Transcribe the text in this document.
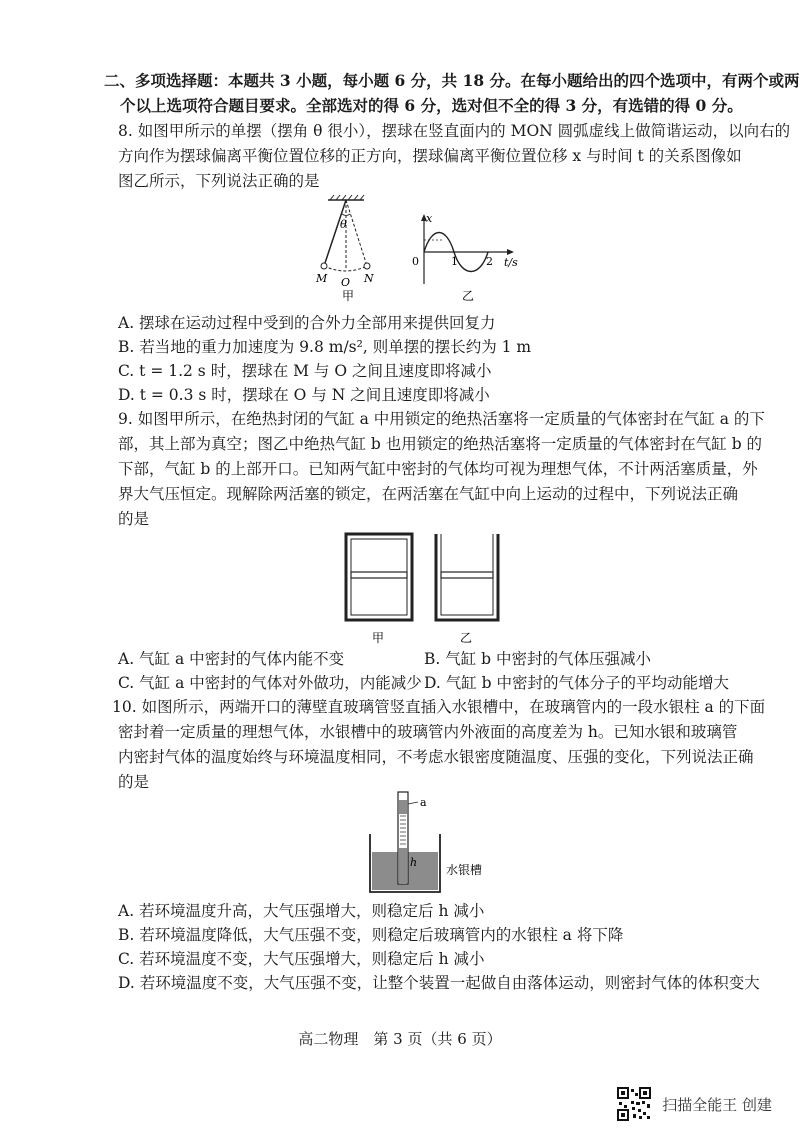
二、多项选择题：本题共 3 小题，每小题 6 分，共 18 分。在每小题给出的四个选项中，有两个或两
个以上选项符合题目要求。全部选对的得 6 分，选对但不全的得 3 分，有选错的得 0 分。
8. 如图甲所示的单摆（摆角 θ 很小），摆球在竖直面内的 MON 圆弧虚线上做简谐运动，以向右的
方向作为摆球偏离平衡位置位移的正方向，摆球偏离平衡位置位移 x 与时间 t 的关系图像如
图乙所示，下列说法正确的是
θ
M O N
甲
x
0	1	2 t/s
乙
A. 摆球在运动过程中受到的合外力全部用来提供回复力
B. 若当地的重力加速度为 9.8 m/s², 则单摆的摆长约为 1 m
C. t = 1.2 s 时，摆球在 M 与 O 之间且速度即将减小
D. t = 0.3 s 时，摆球在 O 与 N 之间且速度即将减小
9. 如图甲所示，在绝热封闭的气缸 a 中用锁定的绝热活塞将一定质量的气体密封在气缸 a 的下
部，其上部为真空；图乙中绝热气缸 b 也用锁定的绝热活塞将一定质量的气体密封在气缸 b 的
下部，气缸 b 的上部开口。已知两气缸中密封的气体均可视为理想气体，不计两活塞质量，外
界大气压恒定。现解除两活塞的锁定，在两活塞在气缸中向上运动的过程中，下列说法正确
的是
甲	乙
A. 气缸 a 中密封的气体内能不变	B. 气缸 b 中密封的气体压强减小
C. 气缸 a 中密封的气体对外做功，内能减少 D. 气缸 b 中密封的气体分子的平均动能增大
10. 如图所示，两端开口的薄壁直玻璃管竖直插入水银槽中，在玻璃管内的一段水银柱 a 的下面
密封着一定质量的理想气体，水银槽中的玻璃管内外液面的高度差为 h。已知水银和玻璃管
内密封气体的温度始终与环境温度相同，不考虑水银密度随温度、压强的变化，下列说法正确
的是
a
h
水银槽
A. 若环境温度升高，大气压强增大，则稳定后 h 减小
B. 若环境温度降低，大气压强不变，则稳定后玻璃管内的水银柱 a 将下降
C. 若环境温度不变，大气压强增大，则稳定后 h 减小
D. 若环境温度不变，大气压强不变，让整个装置一起做自由落体运动，则密封气体的体积变大
高二物理　第 3 页（共 6 页）
扫描全能王 创建
